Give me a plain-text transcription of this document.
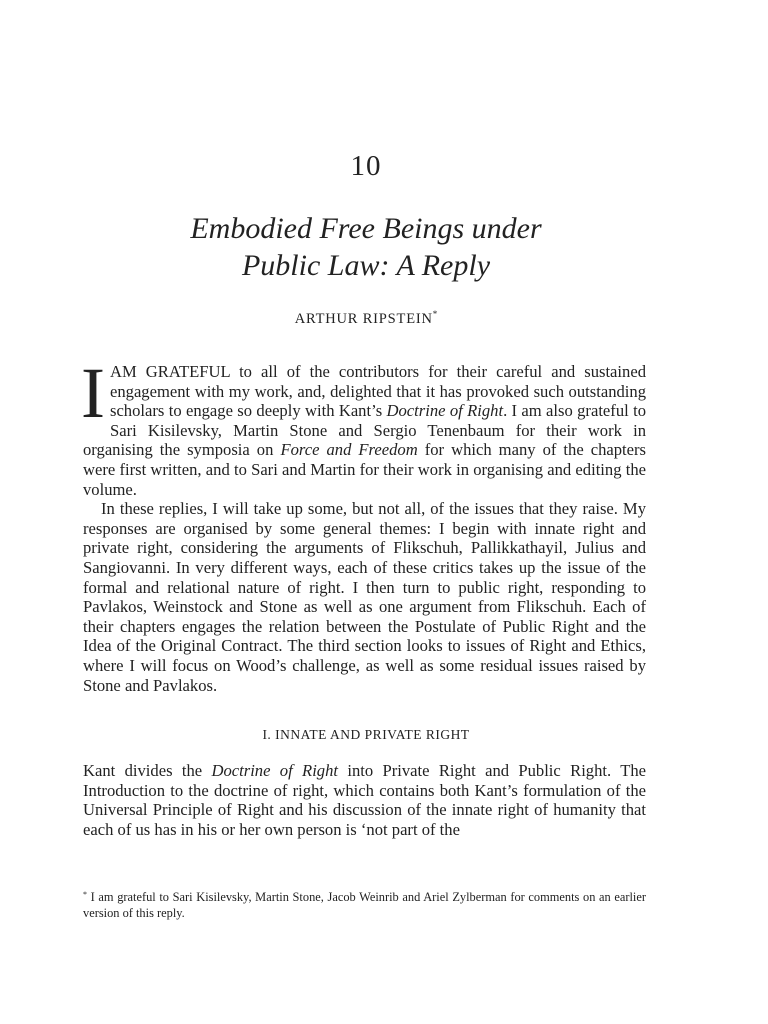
10
Embodied Free Beings under
Public Law: A Reply
ARTHUR RIPSTEIN*

IAM GRATEFUL to all of the contributors for their careful and sustained engagement with my work, and, delighted that it has provoked such outstanding scholars to engage so deeply with Kant’s Doctrine of Right. I am also grateful to Sari Kisilevsky, Martin Stone and Sergio Tenenbaum for their work in organising the symposia on Force and Freedom for which many of the chapters were first written, and to Sari and Martin for their work in organising and editing the volume.

In these replies, I will take up some, but not all, of the issues that they raise. My responses are organised by some general themes: I begin with innate right and private right, considering the arguments of Flikschuh, Pallikkathayil, Julius and Sangiovanni. In very different ways, each of these critics takes up the issue of the formal and relational nature of right. I then turn to public right, responding to Pavlakos, Weinstock and Stone as well as one argument from Flikschuh. Each of their chapters engages the relation between the Postulate of Public Right and the Idea of the Original Contract. The third section looks to issues of Right and Ethics, where I will focus on Wood’s challenge, as well as some residual issues raised by Stone and Pavlakos.

I. INNATE AND PRIVATE RIGHT

Kant divides the Doctrine of Right into Private Right and Public Right. The Introduction to the doctrine of right, which contains both Kant’s formulation of the Universal Principle of Right and his discussion of the innate right of humanity that each of us has in his or her own person is ‘not part of the

* I am grateful to Sari Kisilevsky, Martin Stone, Jacob Weinrib and Ariel Zylberman for comments on an earlier version of this reply.
